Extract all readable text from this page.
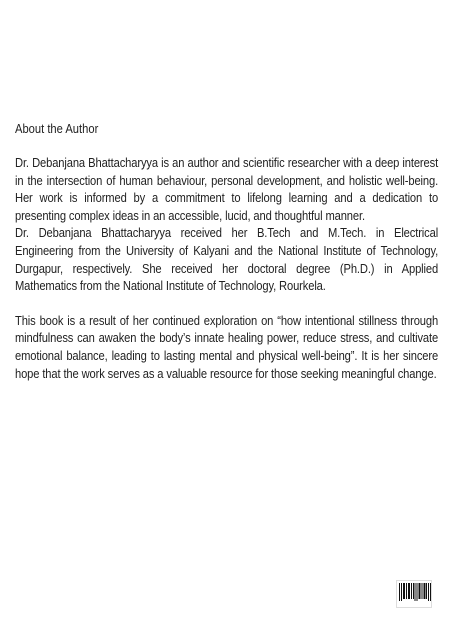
About the Author

Dr. Debanjana Bhattacharyya is an author and scientific researcher with a deep interest in the intersection of human behaviour, personal development, and holistic well-being. Her work is informed by a commitment to lifelong learning and a dedication to presenting complex ideas in an accessible, lucid, and thoughtful manner.

Dr. Debanjana Bhattacharyya received her B.Tech and M.Tech. in Electrical Engineering from the University of Kalyani and the National Institute of Technology, Durgapur, respectively. She received her doctoral degree (Ph.D.) in Applied Mathematics from the National Institute of Technology, Rourkela.

This book is a result of her continued exploration on “how intentional stillness through mindfulness can awaken the body’s innate healing power, reduce stress, and cultivate emotional balance, leading to lasting mental and physical well-being”. It is her sincere hope that the work serves as a valuable resource for those seeking meaningful change.
